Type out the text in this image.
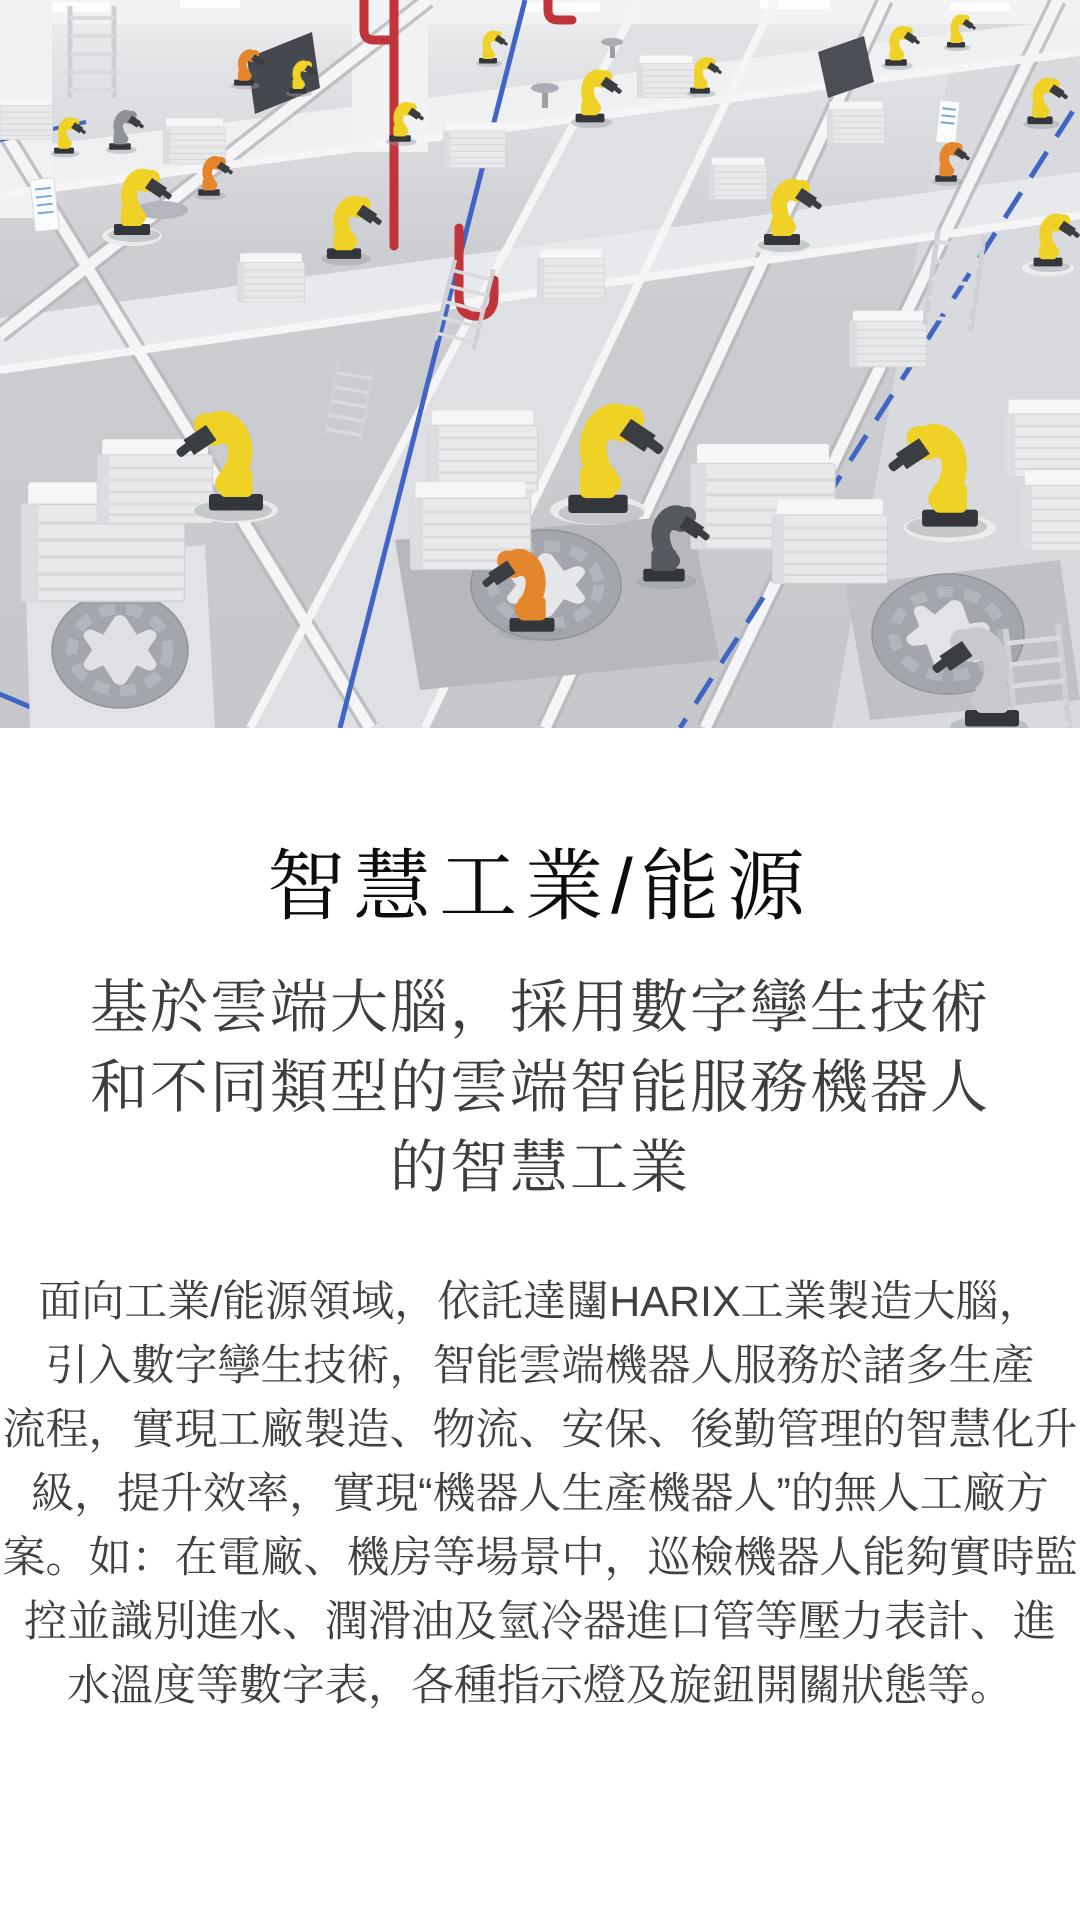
智慧工業/能源
基於雲端大腦，採用數字孿生技術
和不同類型的雲端智能服務機器人
的智慧工業
面向工業/能源領域，依託達闥HARIX工業製造大腦，
引入數字孿生技術，智能雲端機器人服務於諸多生產
流程，實現工廠製造、物流、安保、後勤管理的智慧化升
級，提升效率，實現“機器人生產機器人”的無人工廠方
案。如：在電廠、機房等場景中，巡檢機器人能夠實時監
控並識別進水、潤滑油及氫冷器進口管等壓力表計、進
水溫度等數字表，各種指示燈及旋鈕開關狀態等。
